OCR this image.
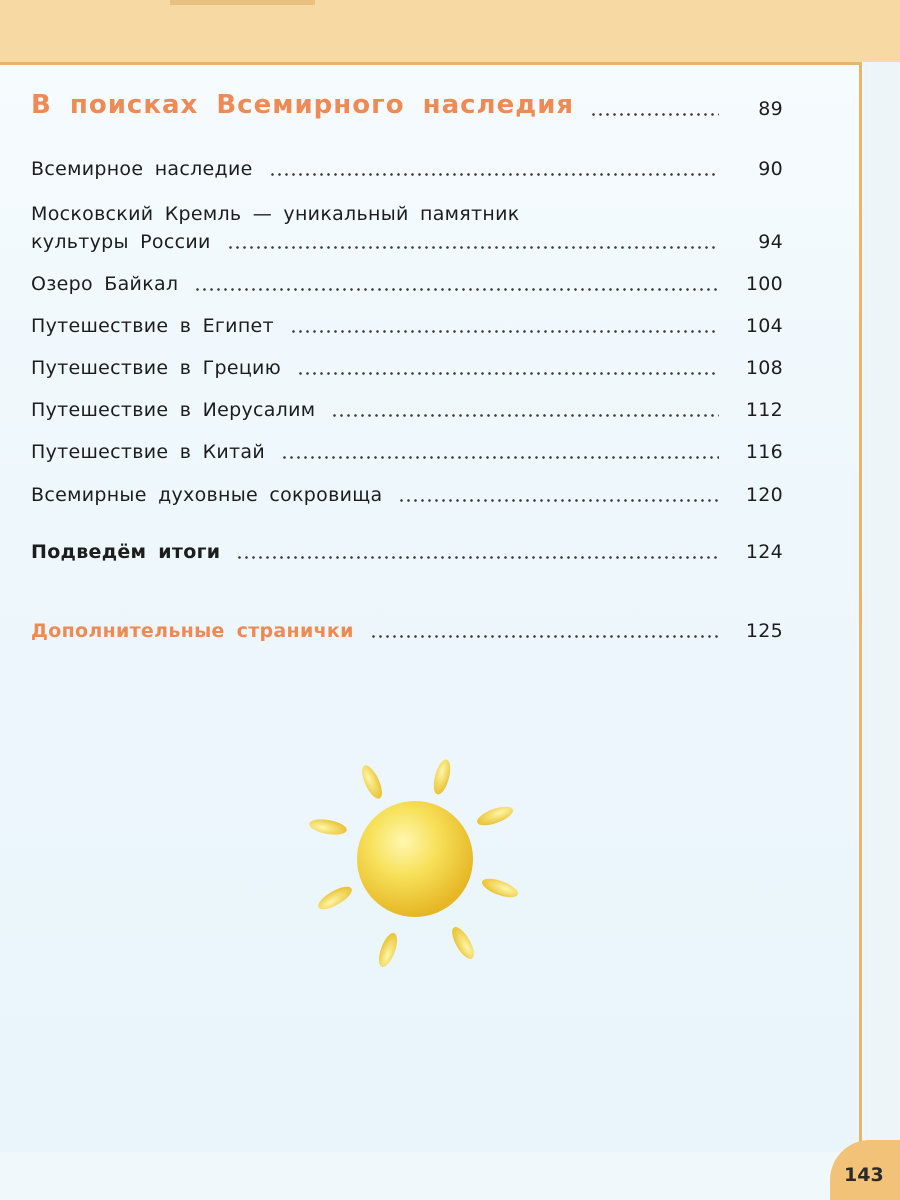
В поисках Всемирного наследия	89
Всемирное наследие	90
Московский Кремль — уникальный памятник
культуры России	94
Озеро Байкал	100
Путешествие в Египет	104
Путешествие в Грецию	108
Путешествие в Иерусалим	112
Путешествие в Китай	116
Всемирные духовные сокровища	120
Подведём итоги	124
Дополнительные странички	125
143
